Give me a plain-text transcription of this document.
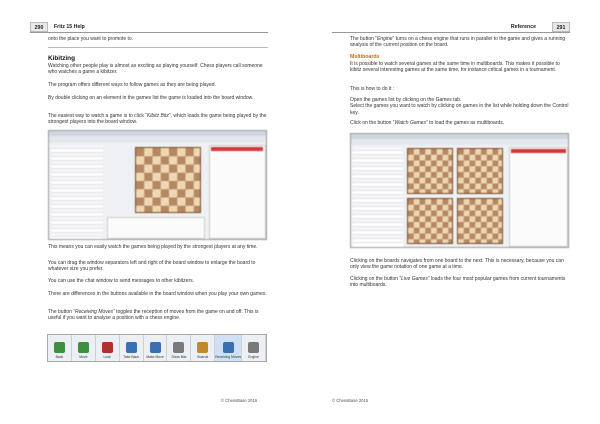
290	Fritz 15 Help
onto the place you want to promote to.
Kibitzing
Watching other people play is almost as exciting as playing yourself. Chess players call someone who watches a game a kibitzer.
The program offers different ways to follow games as they are being played.
By double clicking on an element in the games list the game is loaded into the board window.
The easiest way to watch a game is to click “Kibitz Bitz”, which loads the game being played by the strongest players into the board window.
This means you can easily watch the games being played by the strongest players at any time.
You can drag the window separators left and right of the board window to enlarge the board to whatever size you prefer.
You can use the chat window to send messages to other kibitzers.
There are differences in the buttons available in the board window when you play your own games.
The button “Receiving Moves” toggles the reception of moves from the game on and off. This is useful if you want to analyse a position with a chess engine.
Back	Move	Lose	Take Back Make Move Show Bitz	Boards Receiving Moves Engine
© ChessBase 2015
Reference	291
The button “Engine” turns on a chess engine that runs in parallel to the game and gives a running analysis of the current position on the board.
Multiboards
It is possible to watch several games at the same time in multiboards. This makes it possible to kibitz several interesting games at the same time, for instance critical games in a tournament.
This is how to do it :
Open the games list by clicking on the Games tab.
Select the games you want to watch by clicking on games in the list while holding down the Control key.
Click on the button “Watch Games” to load the games as multiboards.
Clicking on the boards navigates from one board to the next. This is necessary, because you can only view the game notation of one game at a time.
Clicking on the button “Live Games” loads the four most popular games from current tournaments into multiboards.
© ChessBase 2015
